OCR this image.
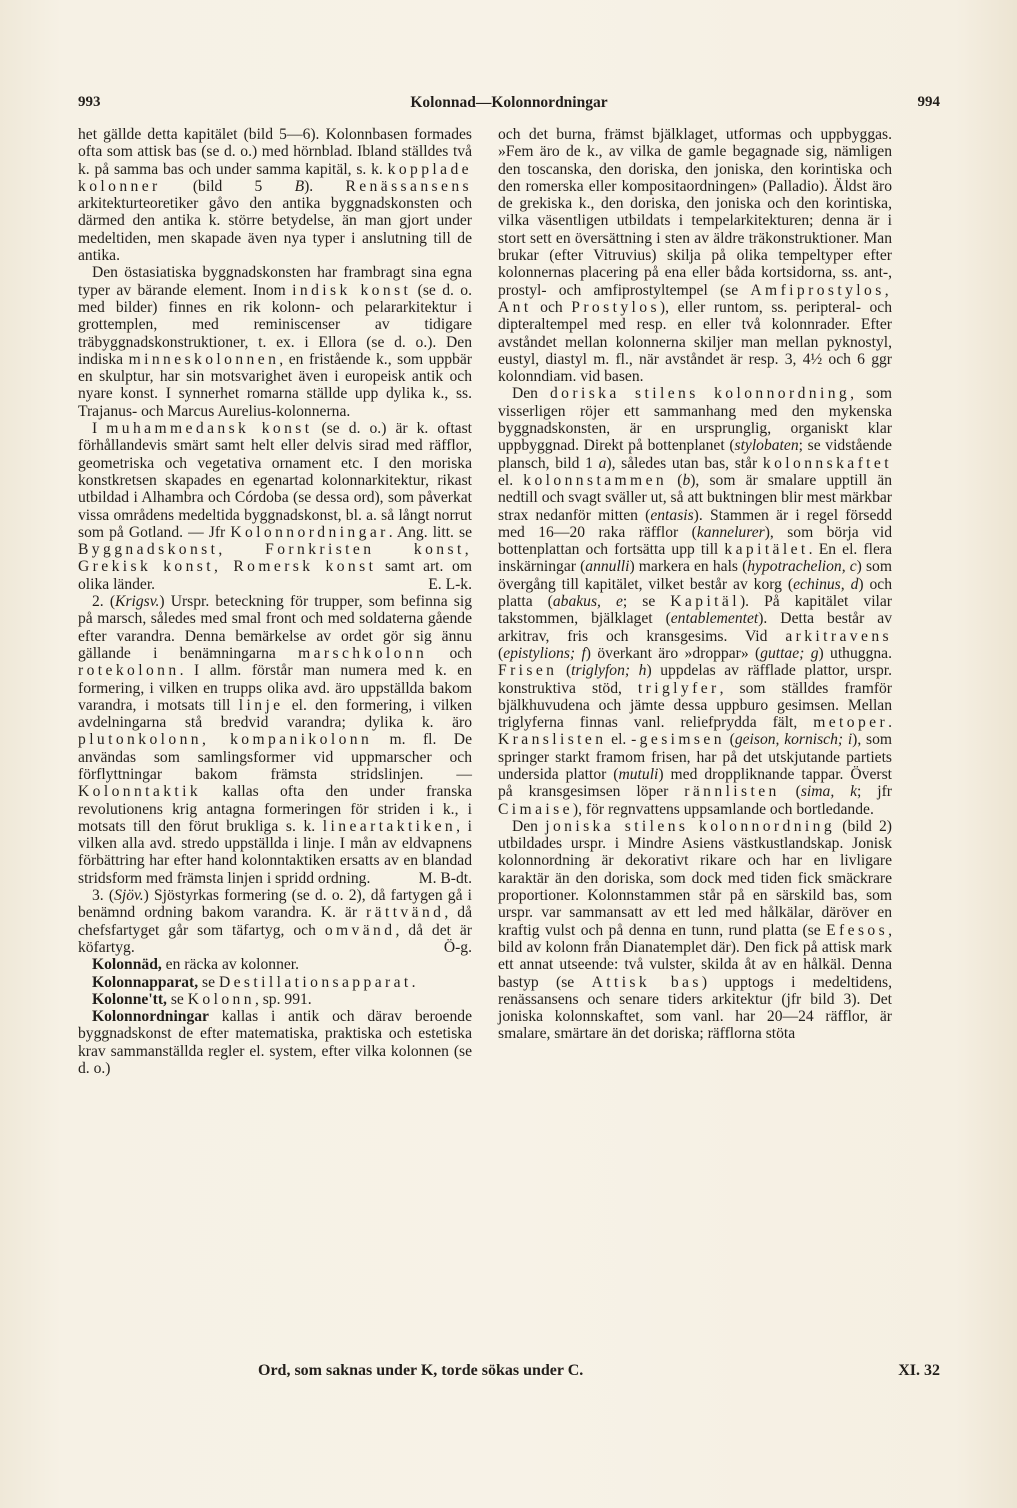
993	Kolonnad—Kolonnordningar	994

het gällde detta kapitälet (bild 5—6). Kolonnbasen formades ofta som attisk bas (se d. o.) med hörnblad. Ibland ställdes två k. på samma bas och under samma kapitäl, s. k. kopplade kolonner (bild 5 B). Renässansens arkitekturteoretiker gåvo den antika byggnadskonsten och därmed den antika k. större betydelse, än man gjort under medeltiden, men skapade även nya typer i anslutning till de antika.

Den östasiatiska byggnadskonsten har frambragt sina egna typer av bärande element. Inom indisk konst (se d. o. med bilder) finnes en rik kolonn- och pelararkitektur i grottemplen, med reminiscenser av tidigare träbyggnadskonstruktioner, t. ex. i Ellora (se d. o.). Den indiska minneskolonnen, en fristående k., som uppbär en skulptur, har sin motsvarighet även i europeisk antik och nyare konst. I synnerhet romarna ställde upp dylika k., ss. Trajanus- och Marcus Aurelius-kolonnerna.

I muhammedansk konst (se d. o.) är k. oftast förhållandevis smärt samt helt eller delvis sirad med räfflor, geometriska och vegetativa ornament etc. I den moriska konstkretsen skapades en egenartad kolonnarkitektur, rikast utbildad i Alhambra och Córdoba (se dessa ord), som påverkat vissa områdens medeltida byggnadskonst, bl. a. så långt norrut som på Gotland. — Jfr Kolonnordningar. Ang. litt. se Byggnadskonst, Fornkristen konst, Grekisk konst, Romersk konst samt art. om olika länder.	E. L-k.

2. (Krigsv.) Urspr. beteckning för trupper, som befinna sig på marsch, således med smal front och med soldaterna gående efter varandra. Denna bemärkelse av ordet gör sig ännu gällande i benämningarna marschkolonn och rotekolonn. I allm. förstår man numera med k. en formering, i vilken en trupps olika avd. äro uppställda bakom varandra, i motsats till linje el. den formering, i vilken avdelningarna stå bredvid varandra; dylika k. äro plutonkolonn, kompanikolonn m. fl. De användas som samlingsformer vid uppmarscher och förflyttningar bakom främsta stridslinjen. — Kolonntaktik kallas ofta den under franska revolutionens krig antagna formeringen för striden i k., i motsats till den förut brukliga s. k. lineartaktiken, i vilken alla avd. stredo uppställda i linje. I mån av eldvapnens förbättring har efter hand kolonntaktiken ersatts av en blandad stridsform med främsta linjen i spridd ordning.	M. B-dt.

3. (Sjöv.) Sjöstyrkas formering (se d. o. 2), då fartygen gå i benämnd ordning bakom varandra. K. är rättvänd, då chefsfartyget går som täfartyg, och omvänd, då det är köfartyg.	Ö-g.

Kolonnäd, en räcka av kolonner.

Kolonnapparat, se Destillationsapparat.

Kolonne'tt, se Kolonn, sp. 991.

Kolonnordningar kallas i antik och därav beroende byggnadskonst de efter matematiska, praktiska och estetiska krav sammanställda regler el. system, efter vilka kolonnen (se d. o.)

och det burna, främst bjälklaget, utformas och uppbyggas. »Fem äro de k., av vilka de gamle begagnade sig, nämligen den toscanska, den doriska, den joniska, den korintiska och den romerska eller kompositaordningen» (Palladio). Äldst äro de grekiska k., den doriska, den joniska och den korintiska, vilka väsentligen utbildats i tempelarkitekturen; denna är i stort sett en översättning i sten av äldre träkonstruktioner. Man brukar (efter Vitruvius) skilja på olika tempeltyper efter kolonnernas placering på ena eller båda kortsidorna, ss. ant-, prostyl- och amfiprostyltempel (se Amfiprostylos, Ant och Prostylos), eller runtom, ss. peripteral- och dipteraltempel med resp. en eller två kolonnrader. Efter avståndet mellan kolonnerna skiljer man mellan pyknostyl, eustyl, diastyl m. fl., när avståndet är resp. 3, 4½ och 6 ggr kolonndiam. vid basen.

Den doriska stilens kolonnordning, som visserligen röjer ett sammanhang med den mykenska byggnadskonsten, är en ursprunglig, organiskt klar uppbyggnad. Direkt på bottenplanet (stylobaten; se vidstående plansch, bild 1 a), således utan bas, står kolonnskaftet el. kolonnstammen (b), som är smalare upptill än nedtill och svagt sväller ut, så att buktningen blir mest märkbar strax nedanför mitten (entasis). Stammen är i regel försedd med 16—20 raka räfflor (kannelurer), som börja vid bottenplattan och fortsätta upp till kapitälet. En el. flera inskärningar (annulli) markera en hals (hypotrachelion, c) som övergång till kapitälet, vilket består av korg (echinus, d) och platta (abakus, e; se Kapitäl). På kapitälet vilar takstommen, bjälklaget (entablementet). Detta består av arkitrav, fris och kransgesims. Vid arkitravens (epistylions; f) överkant äro »droppar» (guttae; g) uthuggna. Frisen (triglyfon; h) uppdelas av räfflade plattor, urspr. konstruktiva stöd, triglyfer, som ställdes framför bjälkhuvudena och jämte dessa uppburo gesimsen. Mellan triglyferna finnas vanl. reliefprydda fält, metoper. Kranslisten el. -gesimsen (geison, kornisch; i), som springer starkt framom frisen, har på det utskjutande partiets undersida plattor (mutuli) med droppliknande tappar. Överst på kransgesimsen löper rännlisten (sima, k; jfr Cimaise), för regnvattens uppsamlande och bortledande.

Den joniska stilens kolonnordning (bild 2) utbildades urspr. i Mindre Asiens västkustlandskap. Jonisk kolonnordning är dekorativt rikare och har en livligare karaktär än den doriska, som dock med tiden fick smäckrare proportioner. Kolonnstammen står på en särskild bas, som urspr. var sammansatt av ett led med hålkälar, däröver en kraftig vulst och på denna en tunn, rund platta (se Efesos, bild av kolonn från Dianatemplet där). Den fick på attisk mark ett annat utseende: två vulster, skilda åt av en hålkäl. Denna bastyp (se Attisk bas) upptogs i medeltidens, renässansens och senare tiders arkitektur (jfr bild 3). Det joniska kolonnskaftet, som vanl. har 20—24 räfflor, är smalare, smärtare än det doriska; räfflorna stöta

Ord, som saknas under K, torde sökas under C.	XI. 32
